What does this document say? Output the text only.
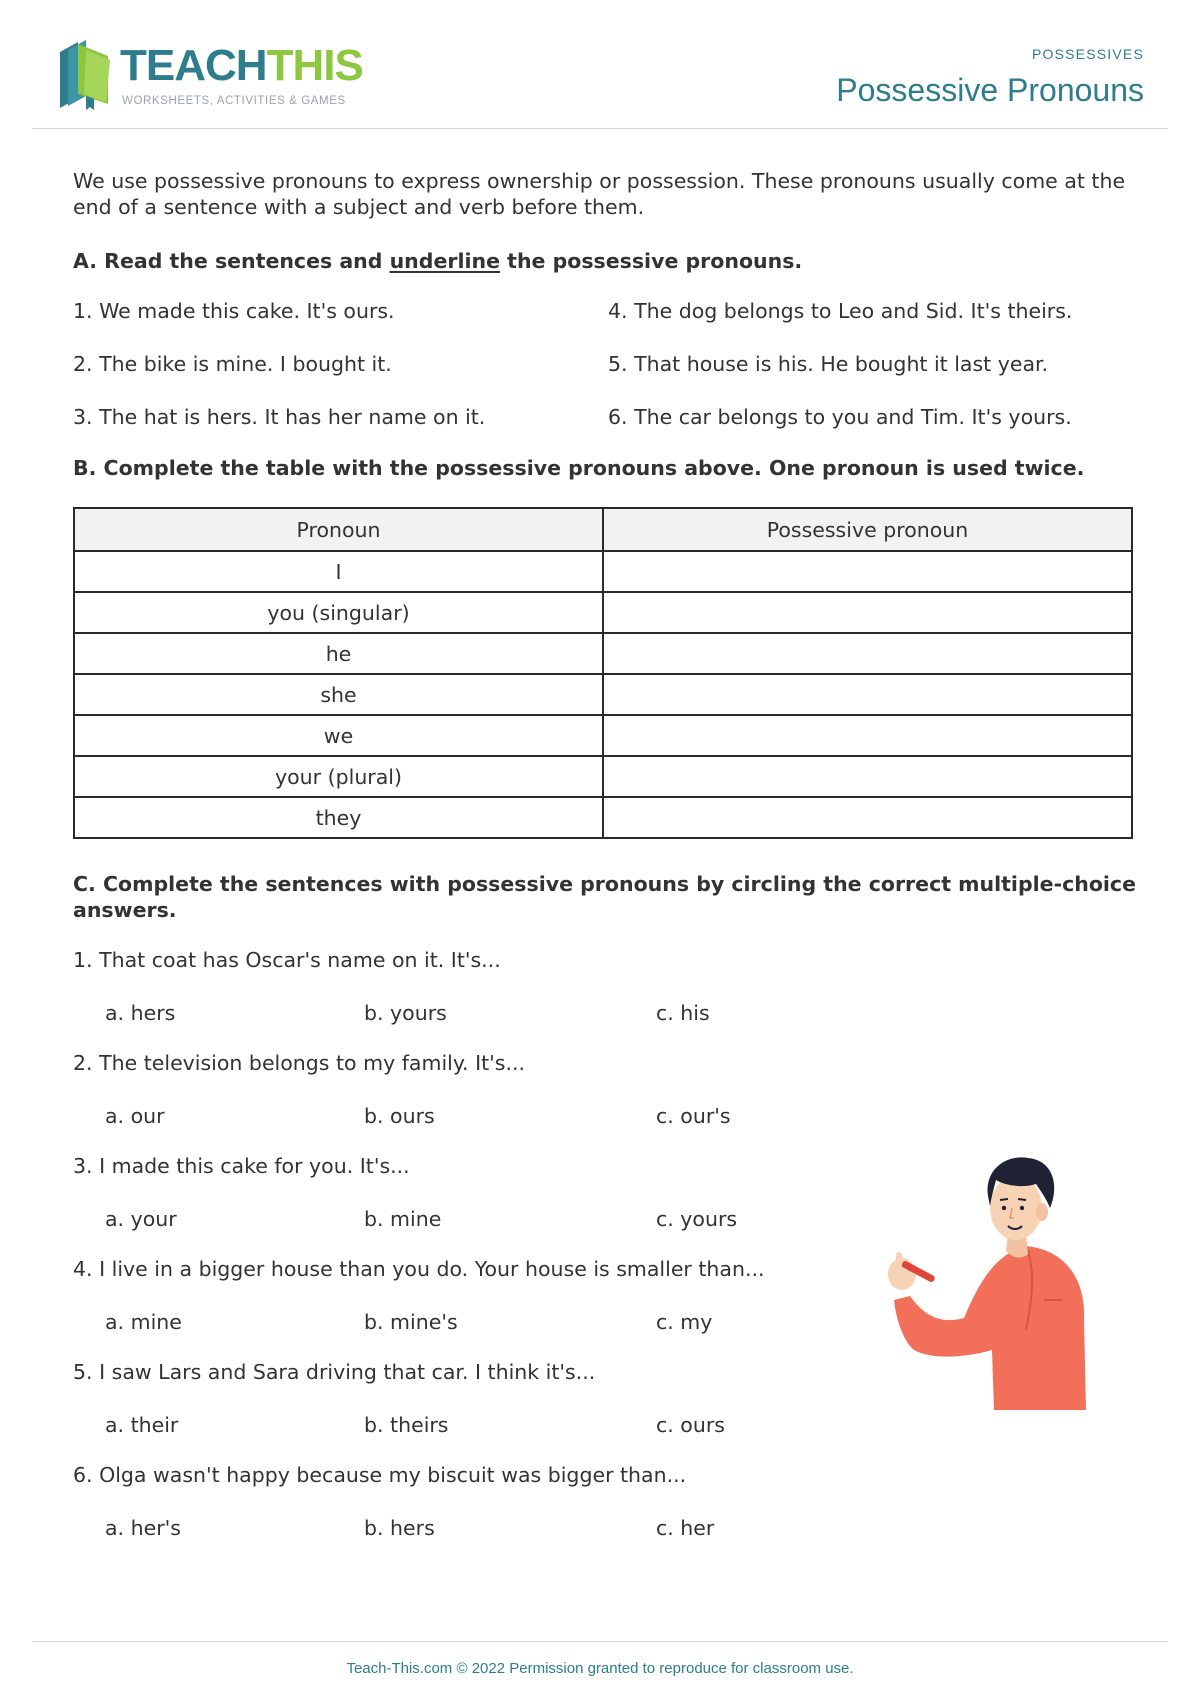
TEACHTHIS
WORKSHEETS, ACTIVITIES & GAMES
POSSESSIVES
Possessive Pronouns

We use possessive pronouns to express ownership or possession. These pronouns usually come at the end of a sentence with a subject and verb before them.

A. Read the sentences and underline the possessive pronouns.
1. We made this cake. It's ours.	4. The dog belongs to Leo and Sid. It's theirs.
2. The bike is mine. I bought it.	5. That house is his. He bought it last year.
3. The hat is hers. It has her name on it.	6. The car belongs to you and Tim. It's yours.
B. Complete the table with the possessive pronouns above. One pronoun is used twice.
Pronoun	Possessive pronoun
I	
you (singular)	
he	
she	
we	
your (plural)	
they	
C. Complete the sentences with possessive pronouns by circling the correct multiple-choice answers.
1. That coat has Oscar's name on it. It's...
a. hers	b. yours	c. his
2. The television belongs to my family. It's...
a. our	b. ours	c. our's
3. I made this cake for you. It's...
a. your	b. mine	c. yours
4. I live in a bigger house than you do. Your house is smaller than...
a. mine	b. mine's	c. my
5. I saw Lars and Sara driving that car. I think it's...
a. their	b. theirs	c. ours
6. Olga wasn't happy because my biscuit was bigger than...
a. her's	b. hers	c. her
Teach-This.com © 2022 Permission granted to reproduce for classroom use.
